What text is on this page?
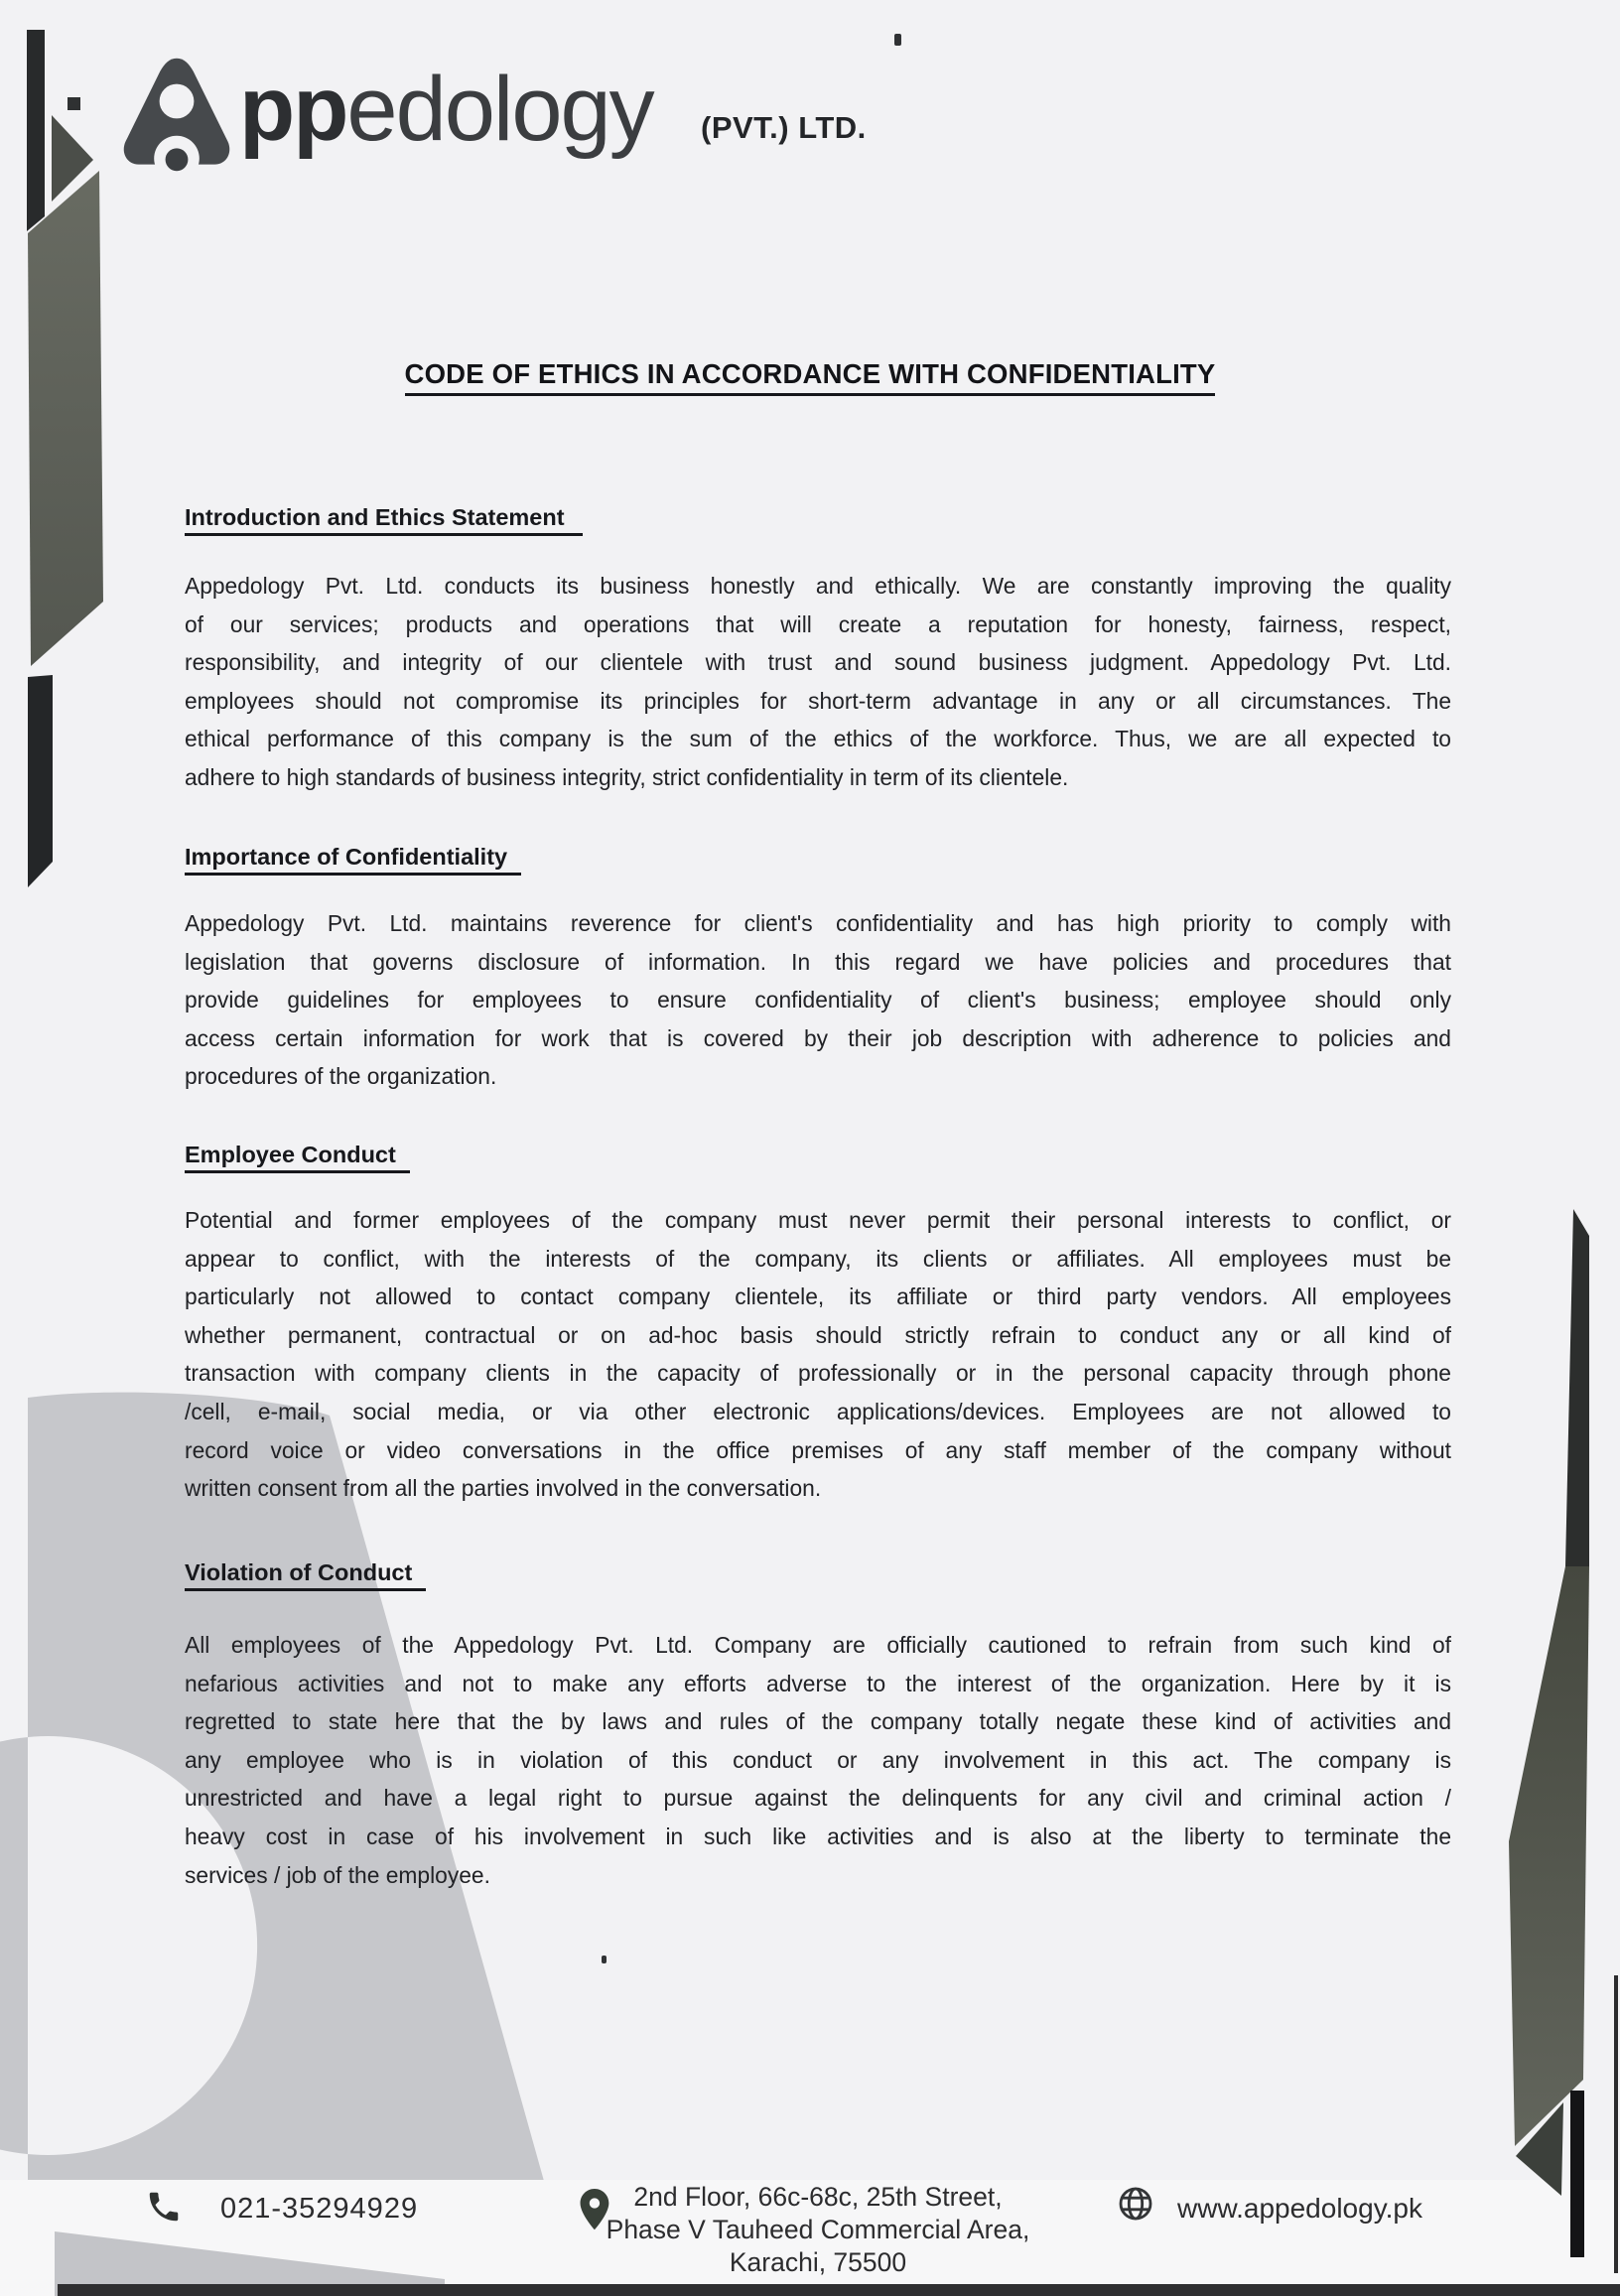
ppedology (PVT.) LTD.
CODE OF ETHICS IN ACCORDANCE WITH CONFIDENTIALITY
Introduction and Ethics Statement
Appedology Pvt. Ltd. conducts its business honestly and ethically. We are constantly improving the quality
of our services; products and operations that will create a reputation for honesty, fairness, respect,
responsibility, and integrity of our clientele with trust and sound business judgment. Appedology Pvt. Ltd.
employees should not compromise its principles for short-term advantage in any or all circumstances. The
ethical performance of this company is the sum of the ethics of the workforce. Thus, we are all expected to
adhere to high standards of business integrity, strict confidentiality in term of its clientele.
Importance of Confidentiality
Appedology Pvt. Ltd. maintains reverence for client's confidentiality and has high priority to comply with
legislation that governs disclosure of information. In this regard we have policies and procedures that
provide guidelines for employees to ensure confidentiality of client's business; employee should only
access certain information for work that is covered by their job description with adherence to policies and
procedures of the organization.
Employee Conduct
Potential and former employees of the company must never permit their personal interests to conflict, or
appear to conflict, with the interests of the company, its clients or affiliates. All employees must be
particularly not allowed to contact company clientele, its affiliate or third party vendors. All employees
whether permanent, contractual or on ad-hoc basis should strictly refrain to conduct any or all kind of
transaction with company clients in the capacity of professionally or in the personal capacity through phone
/cell, e-mail, social media, or via other electronic applications/devices. Employees are not allowed to
record voice or video conversations in the office premises of any staff member of the company without
written consent from all the parties involved in the conversation.
Violation of Conduct
All employees of the Appedology Pvt. Ltd. Company are officially cautioned to refrain from such kind of
nefarious activities and not to make any efforts adverse to the interest of the organization. Here by it is
regretted to state here that the by laws and rules of the company totally negate these kind of activities and
any employee who is in violation of this conduct or any involvement in this act. The company is
unrestricted and have a legal right to pursue against the delinquents for any civil and criminal action /
heavy cost in case of his involvement in such like activities and is also at the liberty to terminate the
services / job of the employee.
021-35294929	2nd Floor, 66c-68c, 25th Street,
Phase V Tauheed Commercial Area,
Karachi, 75500
www.appedology.pk
